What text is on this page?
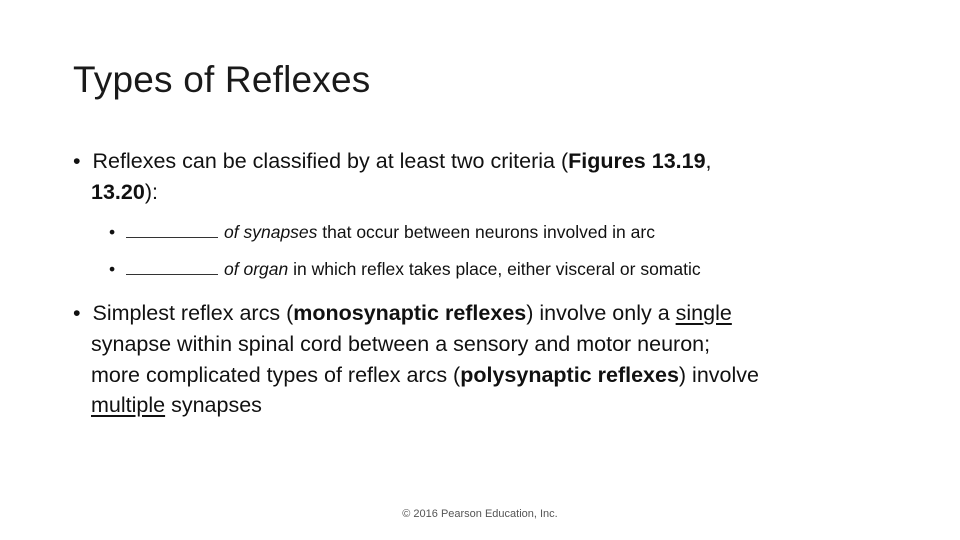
Types of Reflexes
• Reflexes can be classified by at least two criteria (Figures 13.19,
13.20):
•	of synapses that occur between neurons involved in arc
•	of organ in which reflex takes place, either visceral or somatic
• Simplest reflex arcs (monosynaptic reflexes) involve only a single
synapse within spinal cord between a sensory and motor neuron;
more complicated types of reflex arcs (polysynaptic reflexes) involve
multiple synapses
© 2016 Pearson Education, Inc.
